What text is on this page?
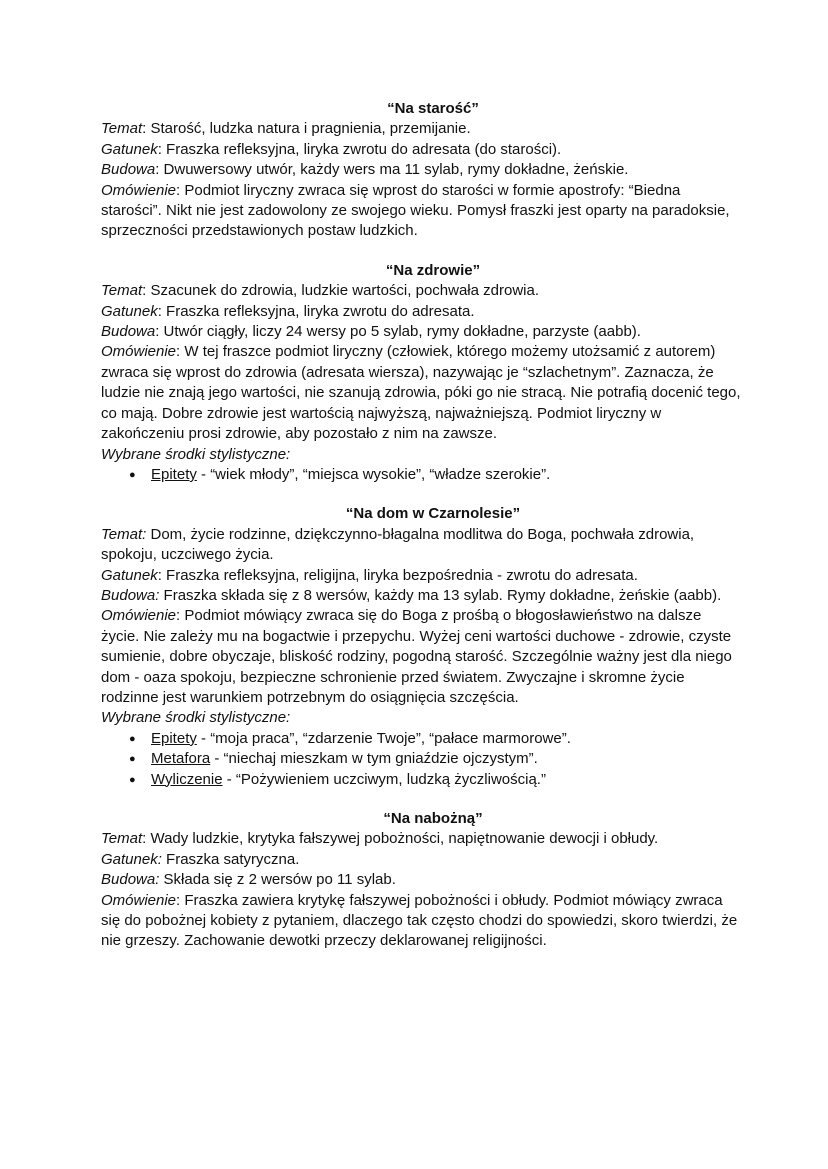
“Na starość”

Temat: Starość, ludzka natura i pragnienia, przemijanie.

Gatunek: Fraszka refleksyjna, liryka zwrotu do adresata (do starości).

Budowa: Dwuwersowy utwór, każdy wers ma 11 sylab, rymy dokładne, żeńskie.

Omówienie: Podmiot liryczny zwraca się wprost do starości w formie apostrofy: “Biedna starości”. Nikt nie jest zadowolony ze swojego wieku. Pomysł fraszki jest oparty na paradoksie, sprzeczności przedstawionych postaw ludzkich.

“Na zdrowie”

Temat: Szacunek do zdrowia, ludzkie wartości, pochwała zdrowia.

Gatunek: Fraszka refleksyjna, liryka zwrotu do adresata.

Budowa: Utwór ciągły, liczy 24 wersy po 5 sylab, rymy dokładne, parzyste (aabb).

Omówienie: W tej fraszce podmiot liryczny (człowiek, którego możemy utożsamić z autorem) zwraca się wprost do zdrowia (adresata wiersza), nazywając je “szlachetnym”. Zaznacza, że ludzie nie znają jego wartości, nie szanują zdrowia, póki go nie stracą. Nie potrafią docenić tego, co mają. Dobre zdrowie jest wartością najwyższą, najważniejszą. Podmiot liryczny w zakończeniu prosi zdrowie, aby pozostało z nim na zawsze.

Wybrane środki stylistyczne:

● Epitety - “wiek młody”, “miejsca wysokie”, “władze szerokie”.

“Na dom w Czarnolesie”

Temat: Dom, życie rodzinne, dziękczynno-błagalna modlitwa do Boga, pochwała zdrowia, spokoju, uczciwego życia.

Gatunek: Fraszka refleksyjna, religijna, liryka bezpośrednia - zwrotu do adresata.

Budowa: Fraszka składa się z 8 wersów, każdy ma 13 sylab. Rymy dokładne, żeńskie (aabb).

Omówienie: Podmiot mówiący zwraca się do Boga z prośbą o błogosławieństwo na dalsze życie. Nie zależy mu na bogactwie i przepychu. Wyżej ceni wartości duchowe - zdrowie, czyste sumienie, dobre obyczaje, bliskość rodziny, pogodną starość. Szczególnie ważny jest dla niego dom - oaza spokoju, bezpieczne schronienie przed światem. Zwyczajne i skromne życie rodzinne jest warunkiem potrzebnym do osiągnięcia szczęścia.

Wybrane środki stylistyczne:

● Epitety - “moja praca”, “zdarzenie Twoje”, “pałace marmorowe”.
● Metafora - “niechaj mieszkam w tym gniaździe ojczystym”.
● Wyliczenie - “Pożywieniem uczciwym, ludzką życzliwością.”

“Na nabożną”

Temat: Wady ludzkie, krytyka fałszywej pobożności, napiętnowanie dewocji i obłudy.

Gatunek: Fraszka satyryczna.

Budowa: Składa się z 2 wersów po 11 sylab.

Omówienie: Fraszka zawiera krytykę fałszywej pobożności i obłudy. Podmiot mówiący zwraca się do pobożnej kobiety z pytaniem, dlaczego tak często chodzi do spowiedzi, skoro twierdzi, że nie grzeszy. Zachowanie dewotki przeczy deklarowanej religijności.
